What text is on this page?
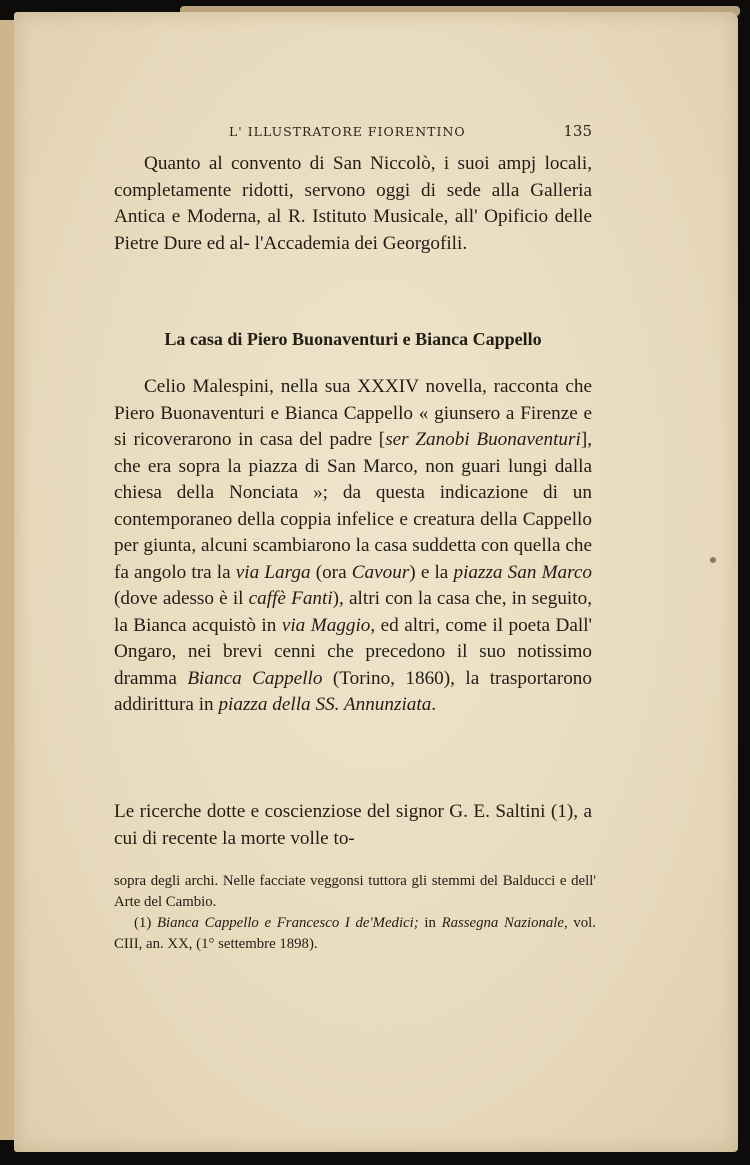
L' ILLUSTRATORE FIORENTINO	135

Quanto al convento di San Niccolò, i suoi ampj locali, completamente ridotti, servono oggi di sede alla Galleria Antica e Moderna, al R. Istituto Musicale, all' Opificio delle Pietre Dure ed al- l'Accademia dei Georgofili.

La casa di Piero Buonaventuri e Bianca Cappello

Celio Malespini, nella sua XXXIV novella, racconta che Piero Buonaventuri e Bianca Cappello « giunsero a Firenze e si ricoverarono in casa del padre [ser Zanobi Buonaventuri], che era sopra la piazza di San Marco, non guari lungi dalla chiesa della Nonciata »; da questa indicazione di un contemporaneo della coppia infelice e creatura della Cappello per giunta, alcuni scambiarono la casa suddetta con quella che fa angolo tra la via Larga (ora Cavour) e la piazza San Marco (dove adesso è il caffè Fanti), altri con la casa che, in seguito, la Bianca acquistò in via Maggio, ed altri, come il poeta Dall' Ongaro, nei brevi cenni che precedono il suo notissimo dramma Bianca Cappello (Torino, 1860), la trasportarono addirittura in piazza della SS. Annunziata.

Le ricerche dotte e coscienziose del signor G. E. Saltini (1), a cui di recente la morte volle to-

sopra degli archi. Nelle facciate veggonsi tuttora gli stemmi del Balducci e dell' Arte del Cambio.

(1) Bianca Cappello e Francesco I de'Medici; in Rassegna Nazionale, vol. CIII, an. XX, (1° settembre 1898).
